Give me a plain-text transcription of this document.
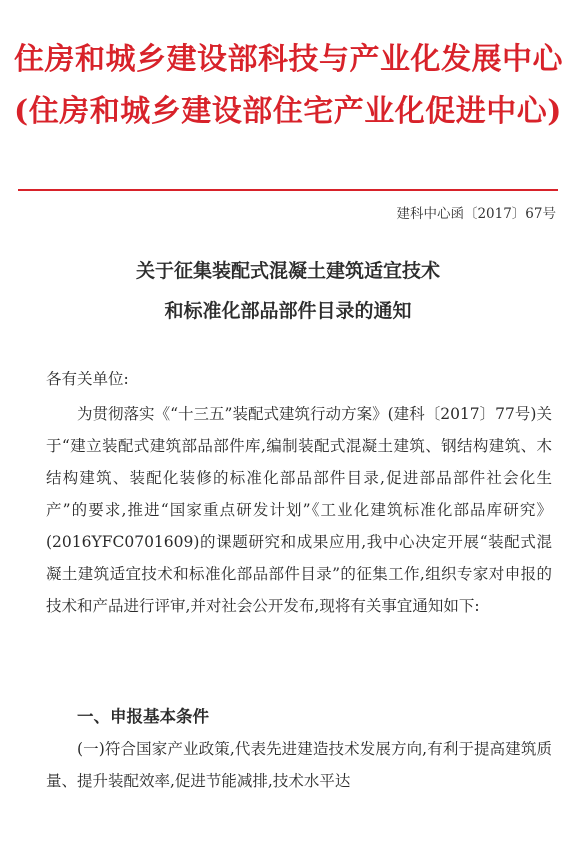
住房和城乡建设部科技与产业化发展中心
(住房和城乡建设部住宅产业化促进中心)
建科中心函〔2017〕67号
关于征集装配式混凝土建筑适宜技术
和标准化部品部件目录的通知
各有关单位:
为贯彻落实《“十三五”装配式建筑行动方案》(建科〔2017〕77号)关于“建立装配式建筑部品部件库,编制装配式混凝土建筑、钢结构建筑、木结构建筑、装配化装修的标准化部品部件目录,促进部品部件社会化生产”的要求,推进“国家重点研发计划”《工业化建筑标准化部品库研究》(2016YFC0701609)的课题研究和成果应用,我中心决定开展“装配式混凝土建筑适宜技术和标准化部品部件目录”的征集工作,组织专家对申报的技术和产品进行评审,并对社会公开发布,现将有关事宜通知如下:
一、申报基本条件
(一)符合国家产业政策,代表先进建造技术发展方向,有利于提高建筑质量、提升装配效率,促进节能减排,技术水平达
